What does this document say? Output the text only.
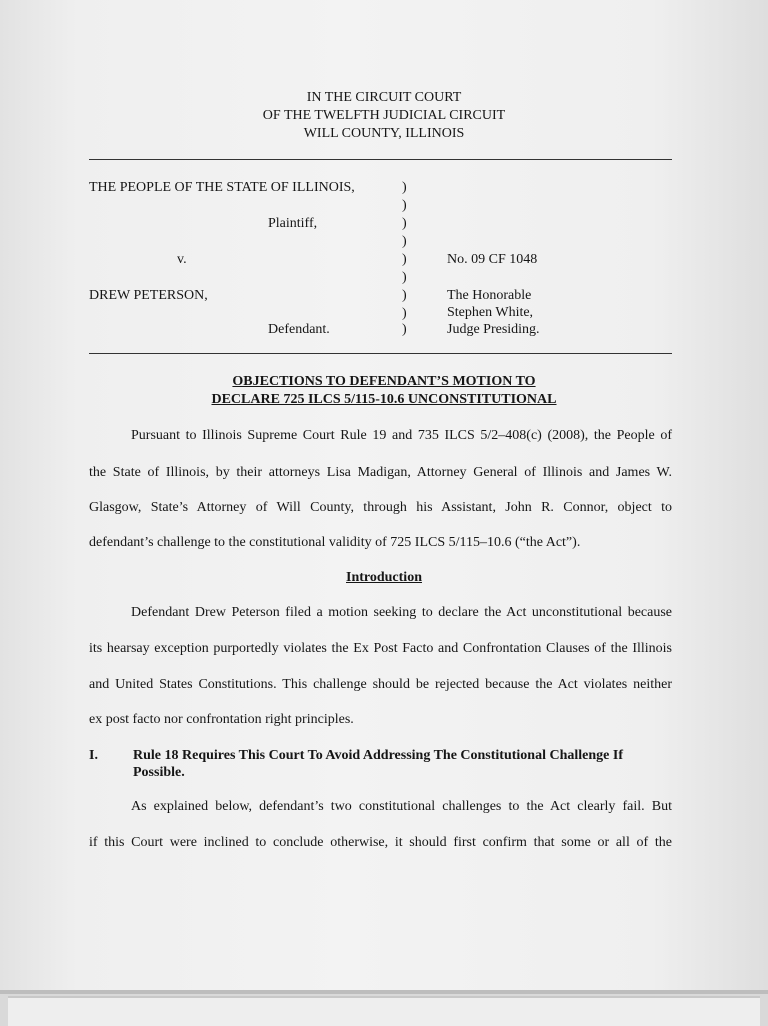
IN THE CIRCUIT COURT
OF THE TWELFTH JUDICIAL CIRCUIT
WILL COUNTY, ILLINOIS
THE PEOPLE OF THE STATE OF ILLINOIS,
Plaintiff,
v.
DREW PETERSON,
Defendant.
)
)
)
)
)
)
)
)
)
No. 09 CF 1048
The Honorable
Stephen White,
Judge Presiding.
OBJECTIONS TO DEFENDANT’S MOTION TO
DECLARE 725 ILCS 5/115-10.6 UNCONSTITUTIONAL
Pursuant to Illinois Supreme Court Rule 19 and 735 ILCS 5/2–408(c) (2008), the People of
the State of Illinois, by their attorneys Lisa Madigan, Attorney General of Illinois and James W.
Glasgow, State’s Attorney of Will County, through his Assistant, John R. Connor, object to
defendant’s challenge to the constitutional validity of 725 ILCS 5/115–10.6 (“the Act”).
Introduction
Defendant Drew Peterson filed a motion seeking to declare the Act unconstitutional because
its hearsay exception purportedly violates the Ex Post Facto and Confrontation Clauses of the Illinois
and United States Constitutions. This challenge should be rejected because the Act violates neither
ex post facto nor confrontation right principles.
I.	Rule 18 Requires This Court To Avoid Addressing The Constitutional Challenge If
Possible.
As explained below, defendant’s two constitutional challenges to the Act clearly fail. But
if this Court were inclined to conclude otherwise, it should first confirm that some or all of the
